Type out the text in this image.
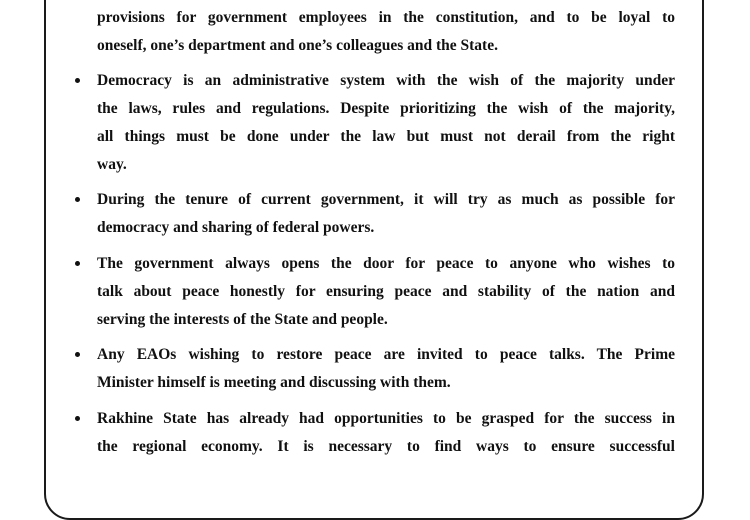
provisions for government employees in the constitution, and to be loyal to
oneself, one’s department and one’s colleagues and the State.

Democracy is an administrative system with the wish of the majority under
the laws, rules and regulations. Despite prioritizing the wish of the majority,
all things must be done under the law but must not derail from the right
way.

During the tenure of current government, it will try as much as possible for
democracy and sharing of federal powers.

The government always opens the door for peace to anyone who wishes to
talk about peace honestly for ensuring peace and stability of the nation and
serving the interests of the State and people.

Any EAOs wishing to restore peace are invited to peace talks. The Prime
Minister himself is meeting and discussing with them.

Rakhine State has already had opportunities to be grasped for the success in
the regional economy. It is necessary to find ways to ensure successful
